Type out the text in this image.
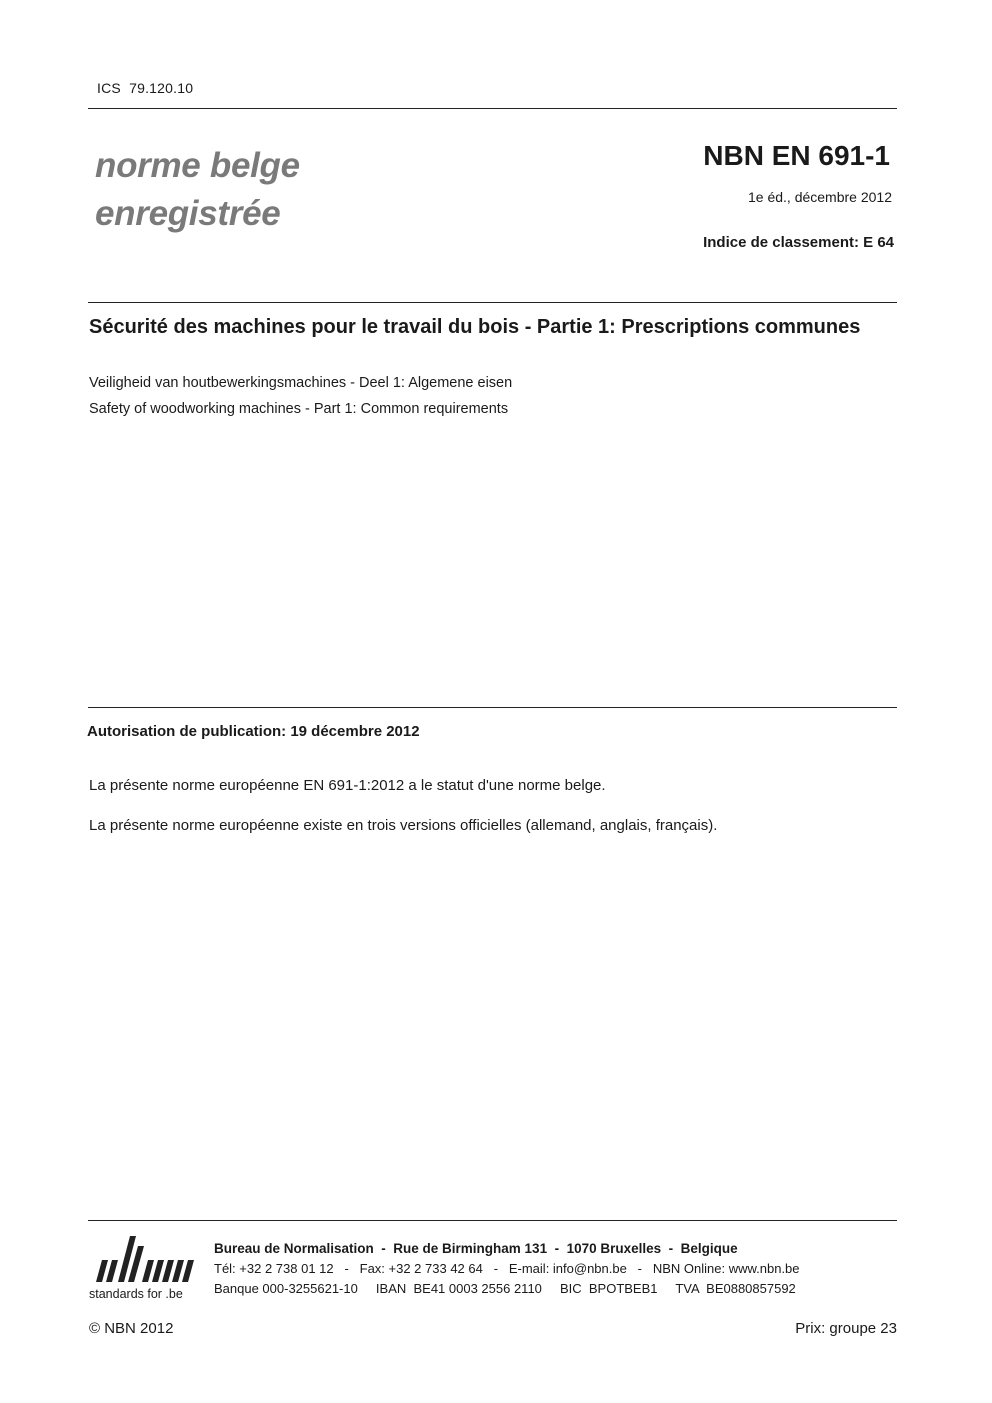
ICS  79.120.10
norme belge
enregistrée
NBN EN 691-1
1e éd., décembre 2012
Indice de classement: E 64
Sécurité des machines pour le travail du bois - Partie 1: Prescriptions communes
Veiligheid van houtbewerkingsmachines - Deel 1: Algemene eisen
Safety of woodworking machines - Part 1: Common requirements
Autorisation de publication: 19 décembre 2012
La présente norme européenne EN 691-1:2012 a le statut d'une norme belge.
La présente norme européenne existe en trois versions officielles (allemand, anglais, français).
standards for .be
Bureau de Normalisation  -  Rue de Birmingham 131  -  1070 Bruxelles  -  Belgique
Tél: +32 2 738 01 12   -   Fax: +32 2 733 42 64   -   E-mail: info@nbn.be   -   NBN Online: www.nbn.be
Banque 000-3255621-10     IBAN  BE41 0003 2556 2110     BIC  BPOTBEB1     TVA  BE0880857592
© NBN 2012	Prix: groupe 23
